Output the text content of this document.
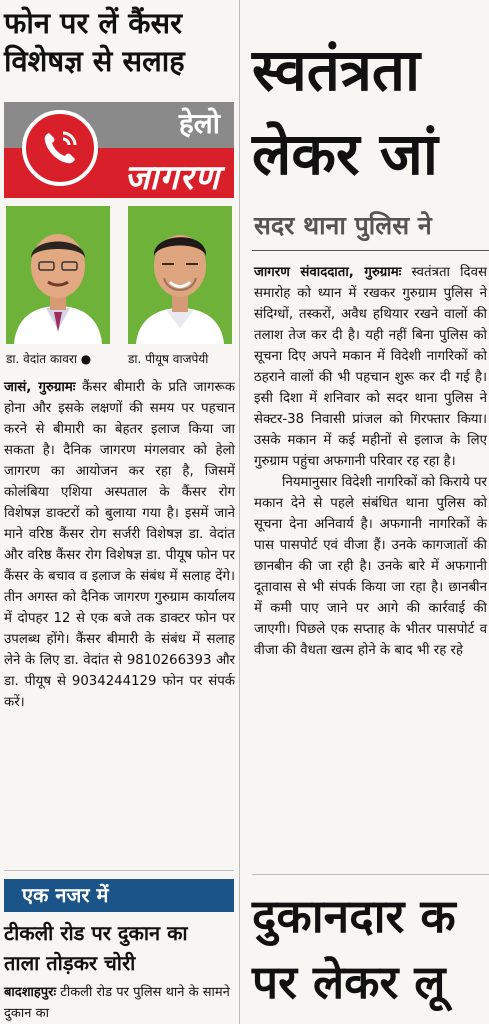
फोन पर लें कैंसर
विशेषज्ञ से सलाह
हेलो
जागरण
डा. वेदांत कावरा ●	डा. पीयूष वाजपेयी

जासं, गुरुग्रामः कैंसर बीमारी के प्रति जागरूक होना और इसके लक्षणों की समय पर पहचान करने से बीमारी का बेहतर इलाज किया जा सकता है। दैनिक जागरण मंगलवार को हेलो जागरण का आयोजन कर रहा है, जिसमें कोलंबिया एशिया अस्पताल के कैंसर रोग विशेषज्ञ डाक्टरों को बुलाया गया है। इसमें जाने माने वरिष्ठ कैंसर रोग सर्जरी विशेषज्ञ डा. वेदांत और वरिष्ठ कैंसर रोग विशेषज्ञ डा. पीयूष फोन पर कैंसर के बचाव व इलाज के संबंध में सलाह देंगे। तीन अगस्त को दैनिक जागरण गुरुग्राम कार्यालय में दोपहर 12 से एक बजे तक डाक्टर फोन पर उपलब्ध होंगे। कैंसर बीमारी के संबंध में सलाह लेने के लिए डा. वेदांत से 9810266393 और डा. पीयूष से 9034244129 फोन पर संपर्क करें।

एक नजर में
टीकली रोड पर दुकान का
ताला तोड़कर चोरी
बादशाहपुरः टीकली रोड पर पुलिस थाने के सामने दुकान का
स्वतंत्रता
लेकर जां
सदर थाना पुलिस ने

जागरण संवाददाता, गुरुग्रामः स्वतंत्रता दिवस समारोह को ध्यान में रखकर गुरुग्राम पुलिस ने संदिग्धों, तस्करों, अवैध हथियार रखने वालों की तलाश तेज कर दी है। यही नहीं बिना पुलिस को सूचना दिए अपने मकान में विदेशी नागरिकों को ठहराने वालों की भी पहचान शुरू कर दी गई है। इसी दिशा में शनिवार को सदर थाना पुलिस ने सेक्टर-38 निवासी प्रांजल को गिरफ्तार किया। उसके मकान में कई महीनों से इलाज के लिए गुरुग्राम पहुंचा अफगानी परिवार रह रहा है।

नियमानुसार विदेशी नागरिकों को किराये पर मकान देने से पहले संबंधित थाना पुलिस को सूचना देना अनिवार्य है। अफगानी नागरिकों के पास पासपोर्ट एवं वीजा हैं। उनके कागजातों की छानबीन की जा रही है। उनके बारे में अफगानी दूतावास से भी संपर्क किया जा रहा है। छानबीन में कमी पाए जाने पर आगे की कार्रवाई की जाएगी। पिछले एक सप्ताह के भीतर पासपोर्ट व वीजा की वैधता खत्म होने के बाद भी रह रहे

दुकानदार क
पर लेकर लू
